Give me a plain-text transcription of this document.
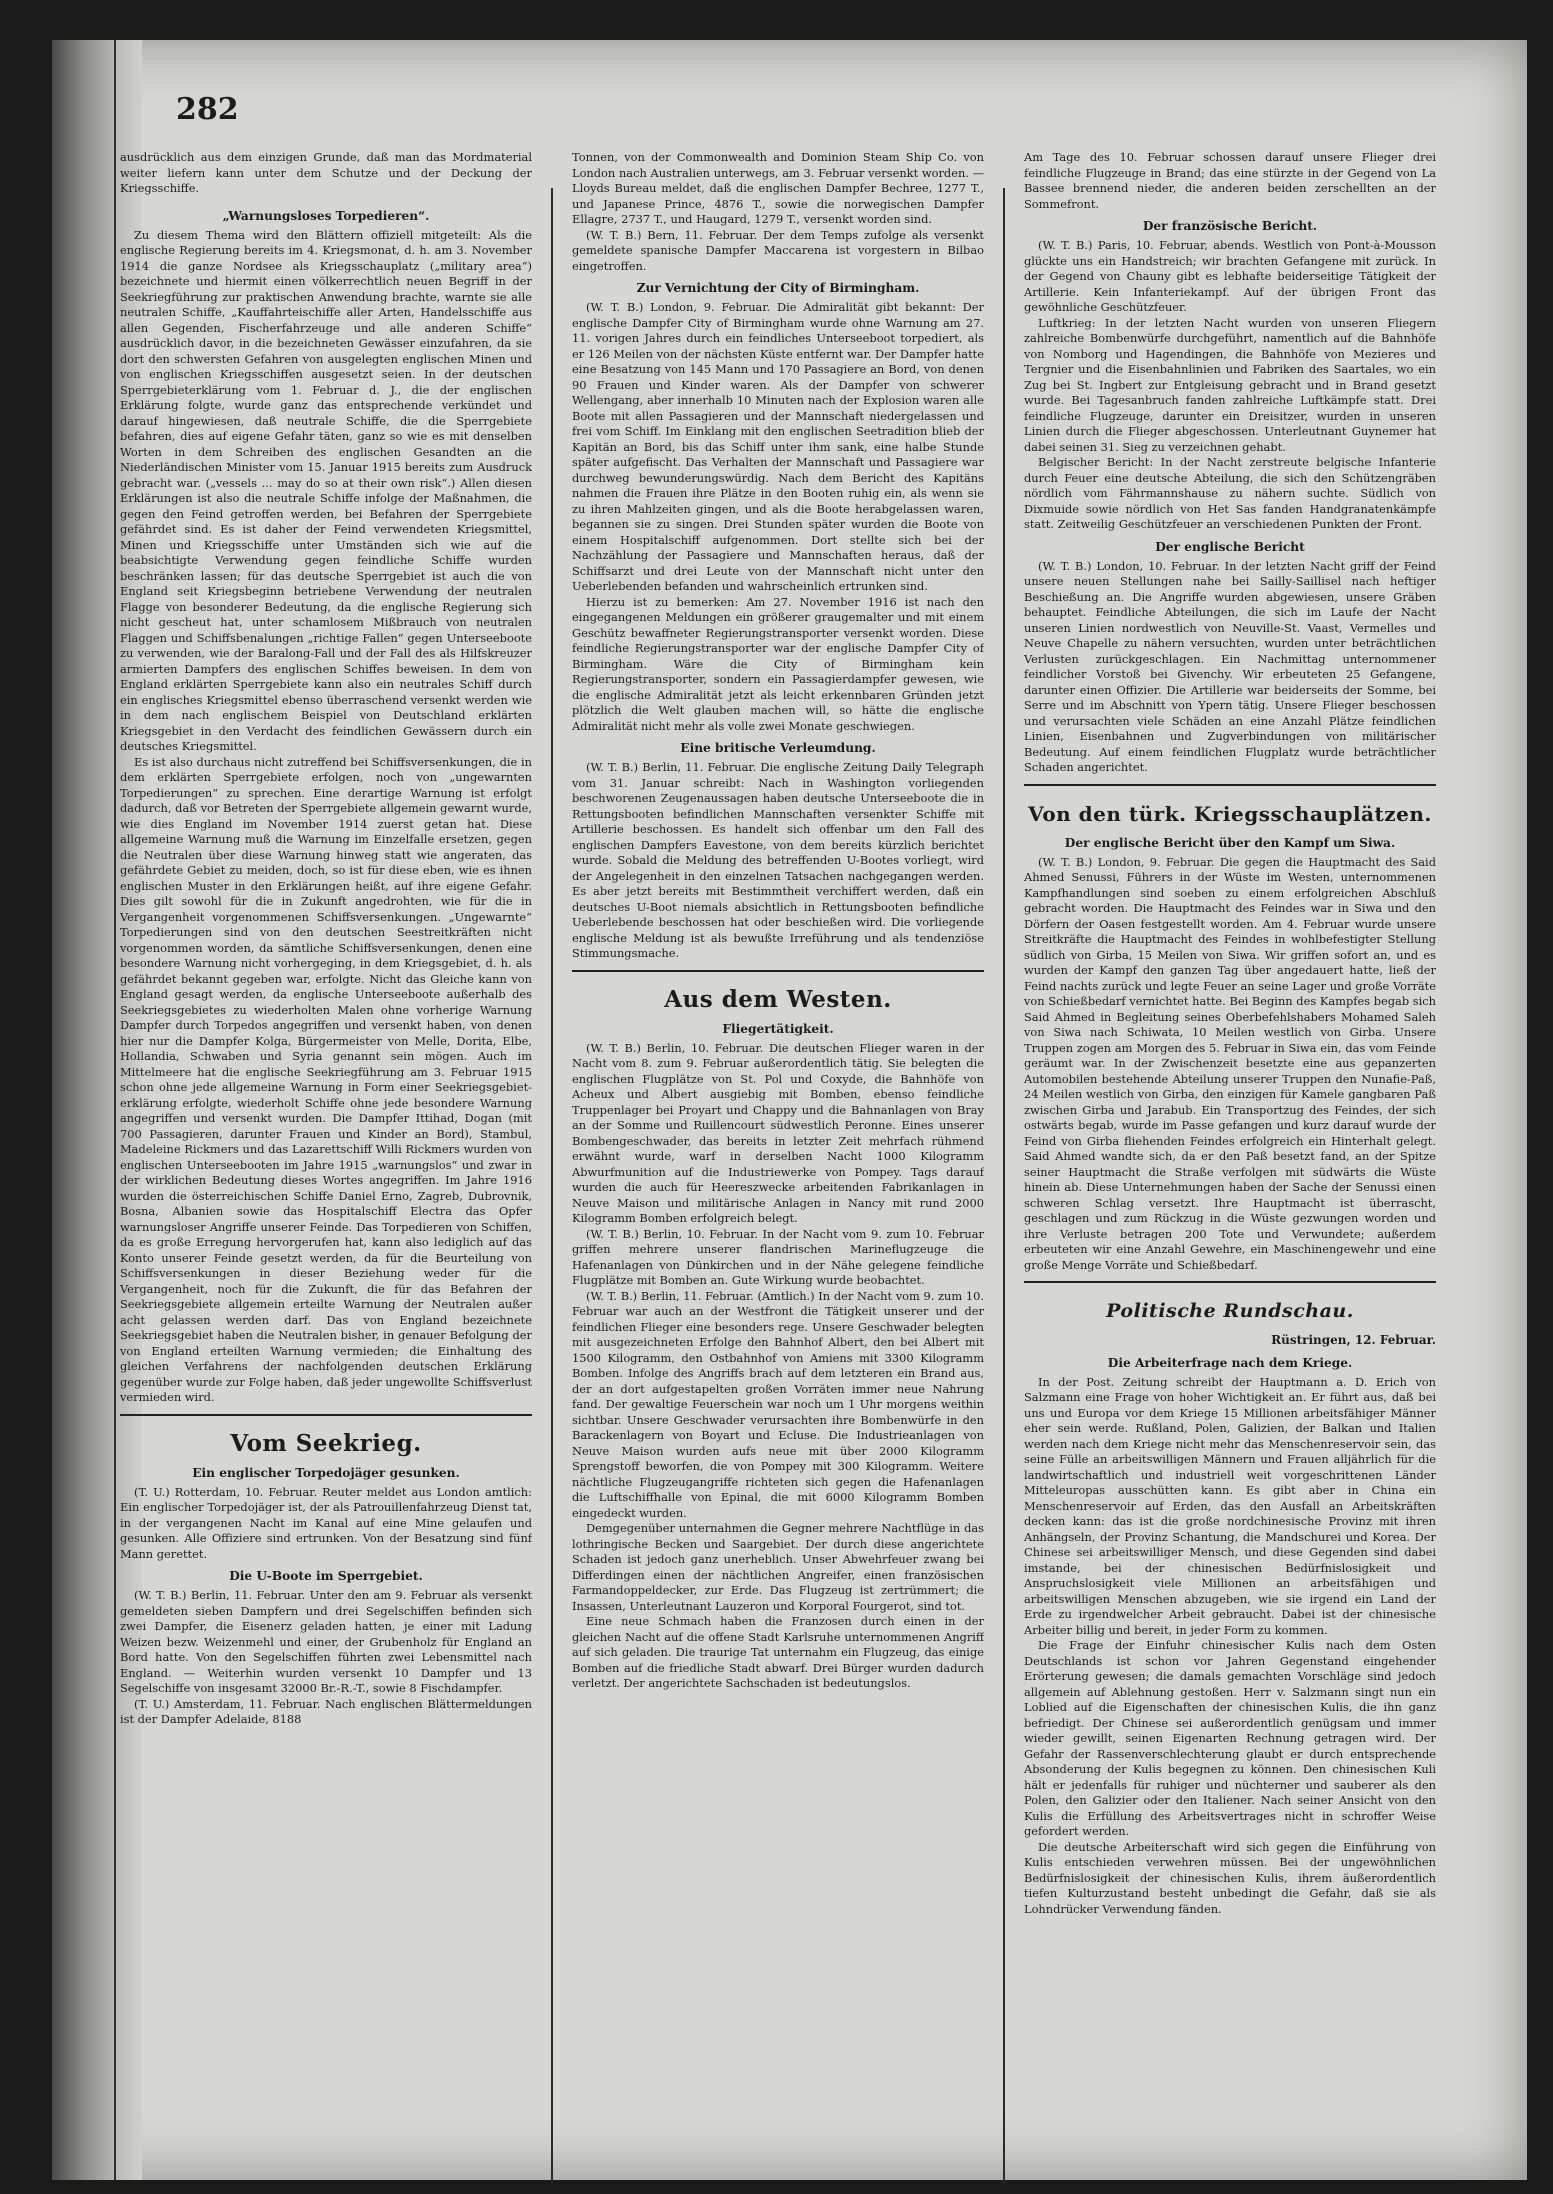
282

ausdrücklich aus dem einzigen Grunde, daß man das Mordmaterial weiter liefern kann unter dem Schutze und der Deckung der Kriegsschiffe.

„Warnungsloses Torpedieren“.

Zu diesem Thema wird den Blättern offiziell mitgeteilt: Als die englische Regierung bereits im 4. Kriegsmonat, d. h. am 3. November 1914 die ganze Nordsee als Kriegsschauplatz („military area“) bezeichnete und hiermit einen völkerrechtlich neuen Begriff in der Seekriegführung zur praktischen Anwendung brachte, warnte sie alle neutralen Schiffe, „Kauffahrteischiffe aller Arten, Handelsschiffe aus allen Gegenden, Fischerfahrzeuge und alle anderen Schiffe“ ausdrücklich davor, in die bezeichneten Gewässer einzufahren, da sie dort den schwersten Gefahren von ausgelegten englischen Minen und von englischen Kriegsschiffen ausgesetzt seien. In der deutschen Sperrgebieterklärung vom 1. Februar d. J., die der englischen Erklärung folgte, wurde ganz das entsprechende verkündet und darauf hingewiesen, daß neutrale Schiffe, die die Sperrgebiete befahren, dies auf eigene Gefahr täten, ganz so wie es mit denselben Worten in dem Schreiben des englischen Gesandten an die Niederländischen Minister vom 15. Januar 1915 bereits zum Ausdruck gebracht war. („vessels ... may do so at their own risk“.) Allen diesen Erklärungen ist also die neutrale Schiffe infolge der Maßnahmen, die gegen den Feind getroffen werden, bei Befahren der Sperrgebiete gefährdet sind. Es ist daher der Feind verwendeten Kriegsmittel, Minen und Kriegsschiffe unter Umständen sich wie auf die beabsichtigte Verwendung gegen feindliche Schiffe wurden beschränken lassen; für das deutsche Sperrgebiet ist auch die von England seit Kriegsbeginn betriebene Verwendung der neutralen Flagge von besonderer Bedeutung, da die englische Regierung sich nicht gescheut hat, unter schamlosem Mißbrauch von neutralen Flaggen und Schiffsbenalungen „richtige Fallen“ gegen Unterseeboote zu verwenden, wie der Baralong-Fall und der Fall des als Hilfskreuzer armierten Dampfers des englischen Schiffes beweisen. In dem von England erklärten Sperrgebiete kann also ein neutrales Schiff durch ein englisches Kriegsmittel ebenso überraschend versenkt werden wie in dem nach englischem Beispiel von Deutschland erklärten Kriegsgebiet in den Verdacht des feindlichen Gewässern durch ein deutsches Kriegsmittel.

Es ist also durchaus nicht zutreffend bei Schiffsversenkungen, die in dem erklärten Sperrgebiete erfolgen, noch von „ungewarnten Torpedierungen“ zu sprechen. Eine derartige Warnung ist erfolgt dadurch, daß vor Betreten der Sperrgebiete allgemein gewarnt wurde, wie dies England im November 1914 zuerst getan hat. Diese allgemeine Warnung muß die Warnung im Einzelfalle ersetzen, gegen die Neutralen über diese Warnung hinweg statt wie angeraten, das gefährdete Gebiet zu meiden, doch, so ist für diese eben, wie es ihnen englischen Muster in den Erklärungen heißt, auf ihre eigene Gefahr. Dies gilt sowohl für die in Zukunft angedrohten, wie für die in Vergangenheit vorgenommenen Schiffsversenkungen. „Ungewarnte“ Torpedierungen sind von den deutschen Seestreitkräften nicht vorgenommen worden, da sämtliche Schiffsversenkungen, denen eine besondere Warnung nicht vorhergeging, in dem Kriegsgebiet, d. h. als gefährdet bekannt gegeben war, erfolgte. Nicht das Gleiche kann von England gesagt werden, da englische Unterseeboote außerhalb des Seekriegsgebietes zu wiederholten Malen ohne vorherige Warnung Dampfer durch Torpedos angegriffen und versenkt haben, von denen hier nur die Dampfer Kolga, Bürgermeister von Melle, Dorita, Elbe, Hollandia, Schwaben und Syria genannt sein mögen. Auch im Mittelmeere hat die englische Seekriegführung am 3. Februar 1915 schon ohne jede allgemeine Warnung in Form einer Seekriegsgebiet-erklärung erfolgte, wiederholt Schiffe ohne jede besondere Warnung angegriffen und versenkt wurden. Die Dampfer Ittihad, Dogan (mit 700 Passagieren, darunter Frauen und Kinder an Bord), Stambul, Madeleine Rickmers und das Lazarettschiff Willi Rickmers wurden von englischen Unterseebooten im Jahre 1915 „warnungslos“ und zwar in der wirklichen Bedeutung dieses Wortes angegriffen. Im Jahre 1916 wurden die österreichischen Schiffe Daniel Erno, Zagreb, Dubrovnik, Bosna, Albanien sowie das Hospitalschiff Electra das Opfer warnungsloser Angriffe unserer Feinde. Das Torpedieren von Schiffen, da es große Erregung hervorgerufen hat, kann also lediglich auf das Konto unserer Feinde gesetzt werden, da für die Beurteilung von Schiffsversenkungen in dieser Beziehung weder für die Vergangenheit, noch für die Zukunft, die für das Befahren der Seekriegsgebiete allgemein erteilte Warnung der Neutralen außer acht gelassen werden darf. Das von England bezeichnete Seekriegsgebiet haben die Neutralen bisher, in genauer Befolgung der von England erteilten Warnung vermieden; die Einhaltung des gleichen Verfahrens der nachfolgenden deutschen Erklärung gegenüber wurde zur Folge haben, daß jeder ungewollte Schiffsverlust vermieden wird.

Vom Seekrieg.
Ein englischer Torpedojäger gesunken.

(T. U.) Rotterdam, 10. Februar. Reuter meldet aus London amtlich: Ein englischer Torpedojäger ist, der als Patrouillenfahrzeug Dienst tat, in der vergangenen Nacht im Kanal auf eine Mine gelaufen und gesunken. Alle Offiziere sind ertrunken. Von der Besatzung sind fünf Mann gerettet.

Die U-Boote im Sperrgebiet.

(W. T. B.) Berlin, 11. Februar. Unter den am 9. Februar als versenkt gemeldeten sieben Dampfern und drei Segelschiffen befinden sich zwei Dampfer, die Eisenerz geladen hatten, je einer mit Ladung Weizen bezw. Weizenmehl und einer, der Grubenholz für England an Bord hatte. Von den Segelschiffen führten zwei Lebensmittel nach England. — Weiterhin wurden versenkt 10 Dampfer und 13 Segelschiffe von insgesamt 32000 Br.-R.-T., sowie 8 Fischdampfer.

(T. U.) Amsterdam, 11. Februar. Nach englischen Blättermeldungen ist der Dampfer Adelaide, 8188

Tonnen, von der Commonwealth and Dominion Steam Ship Co. von London nach Australien unterwegs, am 3. Februar versenkt worden. — Lloyds Bureau meldet, daß die englischen Dampfer Bechree, 1277 T., und Japanese Prince, 4876 T., sowie die norwegischen Dampfer Ellagre, 2737 T., und Haugard, 1279 T., versenkt worden sind.

(W. T. B.) Bern, 11. Februar. Der dem Temps zufolge als versenkt gemeldete spanische Dampfer Maccarena ist vorgestern in Bilbao eingetroffen.

Zur Vernichtung der City of Birmingham.

(W. T. B.) London, 9. Februar. Die Admiralität gibt bekannt: Der englische Dampfer City of Birmingham wurde ohne Warnung am 27. 11. vorigen Jahres durch ein feindliches Unterseeboot torpediert, als er 126 Meilen von der nächsten Küste entfernt war. Der Dampfer hatte eine Besatzung von 145 Mann und 170 Passagiere an Bord, von denen 90 Frauen und Kinder waren. Als der Dampfer von schwerer Wellengang, aber innerhalb 10 Minuten nach der Explosion waren alle Boote mit allen Passagieren und der Mannschaft niedergelassen und frei vom Schiff. Im Einklang mit den englischen Seetradition blieb der Kapitän an Bord, bis das Schiff unter ihm sank, eine halbe Stunde später aufgefischt. Das Verhalten der Mannschaft und Passagiere war durchweg bewunderungswürdig. Nach dem Bericht des Kapitäns nahmen die Frauen ihre Plätze in den Booten ruhig ein, als wenn sie zu ihren Mahlzeiten gingen, und als die Boote herabgelassen waren, begannen sie zu singen. Drei Stunden später wurden die Boote von einem Hospitalschiff aufgenommen. Dort stellte sich bei der Nachzählung der Passagiere und Mannschaften heraus, daß der Schiffsarzt und drei Leute von der Mannschaft nicht unter den Ueberlebenden befanden und wahrscheinlich ertrunken sind.

Hierzu ist zu bemerken: Am 27. November 1916 ist nach den eingegangenen Meldungen ein größerer graugemalter und mit einem Geschütz bewaffneter Regierungstransporter versenkt worden. Diese feindliche Regierungstransporter war der englische Dampfer City of Birmingham. Wäre die City of Birmingham kein Regierungstransporter, sondern ein Passagierdampfer gewesen, wie die englische Admiralität jetzt als leicht erkennbaren Gründen jetzt plötzlich die Welt glauben machen will, so hätte die englische Admiralität nicht mehr als volle zwei Monate geschwiegen.

Eine britische Verleumdung.

(W. T. B.) Berlin, 11. Februar. Die englische Zeitung Daily Telegraph vom 31. Januar schreibt: Nach in Washington vorliegenden beschworenen Zeugenaussagen haben deutsche Unterseeboote die in Rettungsbooten befindlichen Mannschaften versenkter Schiffe mit Artillerie beschossen. Es handelt sich offenbar um den Fall des englischen Dampfers Eavestone, von dem bereits kürzlich berichtet wurde. Sobald die Meldung des betreffenden U-Bootes vorliegt, wird der Angelegenheit in den einzelnen Tatsachen nachgegangen werden. Es aber jetzt bereits mit Bestimmtheit verchiffert werden, daß ein deutsches U-Boot niemals absichtlich in Rettungsbooten befindliche Ueberlebende beschossen hat oder beschießen wird. Die vorliegende englische Meldung ist als bewußte Irreführung und als tendenziöse Stimmungsmache.

Aus dem Westen.
Fliegertätigkeit.

(W. T. B.) Berlin, 10. Februar. Die deutschen Flieger waren in der Nacht vom 8. zum 9. Februar außerordentlich tätig. Sie belegten die englischen Flugplätze von St. Pol und Coxyde, die Bahnhöfe von Acheux und Albert ausgiebig mit Bomben, ebenso feindliche Truppenlager bei Proyart und Chappy und die Bahnanlagen von Bray an der Somme und Ruillencourt südwestlich Peronne. Eines unserer Bombengeschwader, das bereits in letzter Zeit mehrfach rühmend erwähnt wurde, warf in derselben Nacht 1000 Kilogramm Abwurfmunition auf die Industriewerke von Pompey. Tags darauf wurden die auch für Heereszwecke arbeitenden Fabrikanlagen in Neuve Maison und militärische Anlagen in Nancy mit rund 2000 Kilogramm Bomben erfolgreich belegt.

(W. T. B.) Berlin, 10. Februar. In der Nacht vom 9. zum 10. Februar griffen mehrere unserer flandrischen Marineflugzeuge die Hafenanlagen von Dünkirchen und in der Nähe gelegene feindliche Flugplätze mit Bomben an. Gute Wirkung wurde beobachtet.

(W. T. B.) Berlin, 11. Februar. (Amtlich.) In der Nacht vom 9. zum 10. Februar war auch an der Westfront die Tätigkeit unserer und der feindlichen Flieger eine besonders rege. Unsere Geschwader belegten mit ausgezeichneten Erfolge den Bahnhof Albert, den bei Albert mit 1500 Kilogramm, den Ostbahnhof von Amiens mit 3300 Kilogramm Bomben. Infolge des Angriffs brach auf dem letzteren ein Brand aus, der an dort aufgestapelten großen Vorräten immer neue Nahrung fand. Der gewaltige Feuerschein war noch um 1 Uhr morgens weithin sichtbar. Unsere Geschwader verursachten ihre Bombenwürfe in den Barackenlagern von Boyart und Ecluse. Die Industrieanlagen von Neuve Maison wurden aufs neue mit über 2000 Kilogramm Sprengstoff beworfen, die von Pompey mit 300 Kilogramm. Weitere nächtliche Flugzeugangriffe richteten sich gegen die Hafenanlagen die Luftschiffhalle von Epinal, die mit 6000 Kilogramm Bomben eingedeckt wurden.

Demgegenüber unternahmen die Gegner mehrere Nachtflüge in das lothringische Becken und Saargebiet. Der durch diese angerichtete Schaden ist jedoch ganz unerheblich. Unser Abwehrfeuer zwang bei Differdingen einen der nächtlichen Angreifer, einen französischen Farmandoppeldecker, zur Erde. Das Flugzeug ist zertrümmert; die Insassen, Unterleutnant Lauzeron und Korporal Fourgerot, sind tot.

Eine neue Schmach haben die Franzosen durch einen in der gleichen Nacht auf die offene Stadt Karlsruhe unternommenen Angriff auf sich geladen. Die traurige Tat unternahm ein Flugzeug, das einige Bomben auf die friedliche Stadt abwarf. Drei Bürger wurden dadurch verletzt. Der angerichtete Sachschaden ist bedeutungslos.

Am Tage des 10. Februar schossen darauf unsere Flieger drei feindliche Flugzeuge in Brand; das eine stürzte in der Gegend von La Bassee brennend nieder, die anderen beiden zerschellten an der Sommefront.

Der französische Bericht.

(W. T. B.) Paris, 10. Februar, abends. Westlich von Pont-à-Mousson glückte uns ein Handstreich; wir brachten Gefangene mit zurück. In der Gegend von Chauny gibt es lebhafte beiderseitige Tätigkeit der Artillerie. Kein Infanteriekampf. Auf der übrigen Front das gewöhnliche Geschützfeuer.

Luftkrieg: In der letzten Nacht wurden von unseren Fliegern zahlreiche Bombenwürfe durchgeführt, namentlich auf die Bahnhöfe von Nomborg und Hagendingen, die Bahnhöfe von Mezieres und Tergnier und die Eisenbahnlinien und Fabriken des Saartales, wo ein Zug bei St. Ingbert zur Entgleisung gebracht und in Brand gesetzt wurde. Bei Tagesanbruch fanden zahlreiche Luftkämpfe statt. Drei feindliche Flugzeuge, darunter ein Dreisitzer, wurden in unseren Linien durch die Flieger abgeschossen. Unterleutnant Guynemer hat dabei seinen 31. Sieg zu verzeichnen gehabt.

Belgischer Bericht: In der Nacht zerstreute belgische Infanterie durch Feuer eine deutsche Abteilung, die sich den Schützengräben nördlich vom Fährmannshause zu nähern suchte. Südlich von Dixmuide sowie nördlich von Het Sas fanden Handgranatenkämpfe statt. Zeitweilig Geschützfeuer an verschiedenen Punkten der Front.

Der englische Bericht

(W. T. B.) London, 10. Februar. In der letzten Nacht griff der Feind unsere neuen Stellungen nahe bei Sailly-Saillisel nach heftiger Beschießung an. Die Angriffe wurden abgewiesen, unsere Gräben behauptet. Feindliche Abteilungen, die sich im Laufe der Nacht unseren Linien nordwestlich von Neuville-St. Vaast, Vermelles und Neuve Chapelle zu nähern versuchten, wurden unter beträchtlichen Verlusten zurückgeschlagen. Ein Nachmittag unternommener feindlicher Vorstoß bei Givenchy. Wir erbeuteten 25 Gefangene, darunter einen Offizier. Die Artillerie war beiderseits der Somme, bei Serre und im Abschnitt von Ypern tätig. Unsere Flieger beschossen und verursachten viele Schäden an eine Anzahl Plätze feindlichen Linien, Eisenbahnen und Zugverbindungen von militärischer Bedeutung. Auf einem feindlichen Flugplatz wurde beträchtlicher Schaden angerichtet.

Von den türk. Kriegsschauplätzen.
Der englische Bericht über den Kampf um Siwa.

(W. T. B.) London, 9. Februar. Die gegen die Hauptmacht des Said Ahmed Senussi, Führers in der Wüste im Westen, unternommenen Kampfhandlungen sind soeben zu einem erfolgreichen Abschluß gebracht worden. Die Hauptmacht des Feindes war in Siwa und den Dörfern der Oasen festgestellt worden. Am 4. Februar wurde unsere Streitkräfte die Hauptmacht des Feindes in wohlbefestigter Stellung südlich von Girba, 15 Meilen von Siwa. Wir griffen sofort an, und es wurden der Kampf den ganzen Tag über angedauert hatte, ließ der Feind nachts zurück und legte Feuer an seine Lager und große Vorräte von Schießbedarf vernichtet hatte. Bei Beginn des Kampfes begab sich Said Ahmed in Begleitung seines Oberbefehlshabers Mohamed Saleh von Siwa nach Schiwata, 10 Meilen westlich von Girba. Unsere Truppen zogen am Morgen des 5. Februar in Siwa ein, das vom Feinde geräumt war. In der Zwischenzeit besetzte eine aus gepanzerten Automobilen bestehende Abteilung unserer Truppen den Nunafie-Paß, 24 Meilen westlich von Girba, den einzigen für Kamele gangbaren Paß zwischen Girba und Jarabub. Ein Transportzug des Feindes, der sich ostwärts begab, wurde im Passe gefangen und kurz darauf wurde der Feind von Girba fliehenden Feindes erfolgreich ein Hinterhalt gelegt. Said Ahmed wandte sich, da er den Paß besetzt fand, an der Spitze seiner Hauptmacht die Straße verfolgen mit südwärts die Wüste hinein ab. Diese Unternehmungen haben der Sache der Senussi einen schweren Schlag versetzt. Ihre Hauptmacht ist überrascht, geschlagen und zum Rückzug in die Wüste gezwungen worden und ihre Verluste betragen 200 Tote und Verwundete; außerdem erbeuteten wir eine Anzahl Gewehre, ein Maschinengewehr und eine große Menge Vorräte und Schießbedarf.

Politische Rundschau.
Rüstringen, 12. Februar.
Die Arbeiterfrage nach dem Kriege.

In der Post. Zeitung schreibt der Hauptmann a. D. Erich von Salzmann eine Frage von hoher Wichtigkeit an. Er führt aus, daß bei uns und Europa vor dem Kriege 15 Millionen arbeitsfähiger Männer eher sein werde. Rußland, Polen, Galizien, der Balkan und Italien werden nach dem Kriege nicht mehr das Menschenreservoir sein, das seine Fülle an arbeitswilligen Männern und Frauen alljährlich für die landwirtschaftlich und industriell weit vorgeschrittenen Länder Mitteleuropas ausschütten kann. Es gibt aber in China ein Menschenreservoir auf Erden, das den Ausfall an Arbeitskräften decken kann: das ist die große nordchinesische Provinz mit ihren Anhängseln, der Provinz Schantung, die Mandschurei und Korea. Der Chinese sei arbeitswilliger Mensch, und diese Gegenden sind dabei imstande, bei der chinesischen Bedürfnislosigkeit und Anspruchslosigkeit viele Millionen an arbeitsfähigen und arbeitswilligen Menschen abzugeben, wie sie irgend ein Land der Erde zu irgendwelcher Arbeit gebraucht. Dabei ist der chinesische Arbeiter billig und bereit, in jeder Form zu kommen.

Die Frage der Einfuhr chinesischer Kulis nach dem Osten Deutschlands ist schon vor Jahren Gegenstand eingehender Erörterung gewesen; die damals gemachten Vorschläge sind jedoch allgemein auf Ablehnung gestoßen. Herr v. Salzmann singt nun ein Loblied auf die Eigenschaften der chinesischen Kulis, die ihn ganz befriedigt. Der Chinese sei außerordentlich genügsam und immer wieder gewillt, seinen Eigenarten Rechnung getragen wird. Der Gefahr der Rassenverschlechterung glaubt er durch entsprechende Absonderung der Kulis begegnen zu können. Den chinesischen Kuli hält er jedenfalls für ruhiger und nüchterner und sauberer als den Polen, den Galizier oder den Italiener. Nach seiner Ansicht von den Kulis die Erfüllung des Arbeitsvertrages nicht in schroffer Weise gefordert werden.

Die deutsche Arbeiterschaft wird sich gegen die Einführung von Kulis entschieden verwehren müssen. Bei der ungewöhnlichen Bedürfnislosigkeit der chinesischen Kulis, ihrem äußerordentlich tiefen Kulturzustand besteht unbedingt die Gefahr, daß sie als Lohndrücker Verwendung fänden.
